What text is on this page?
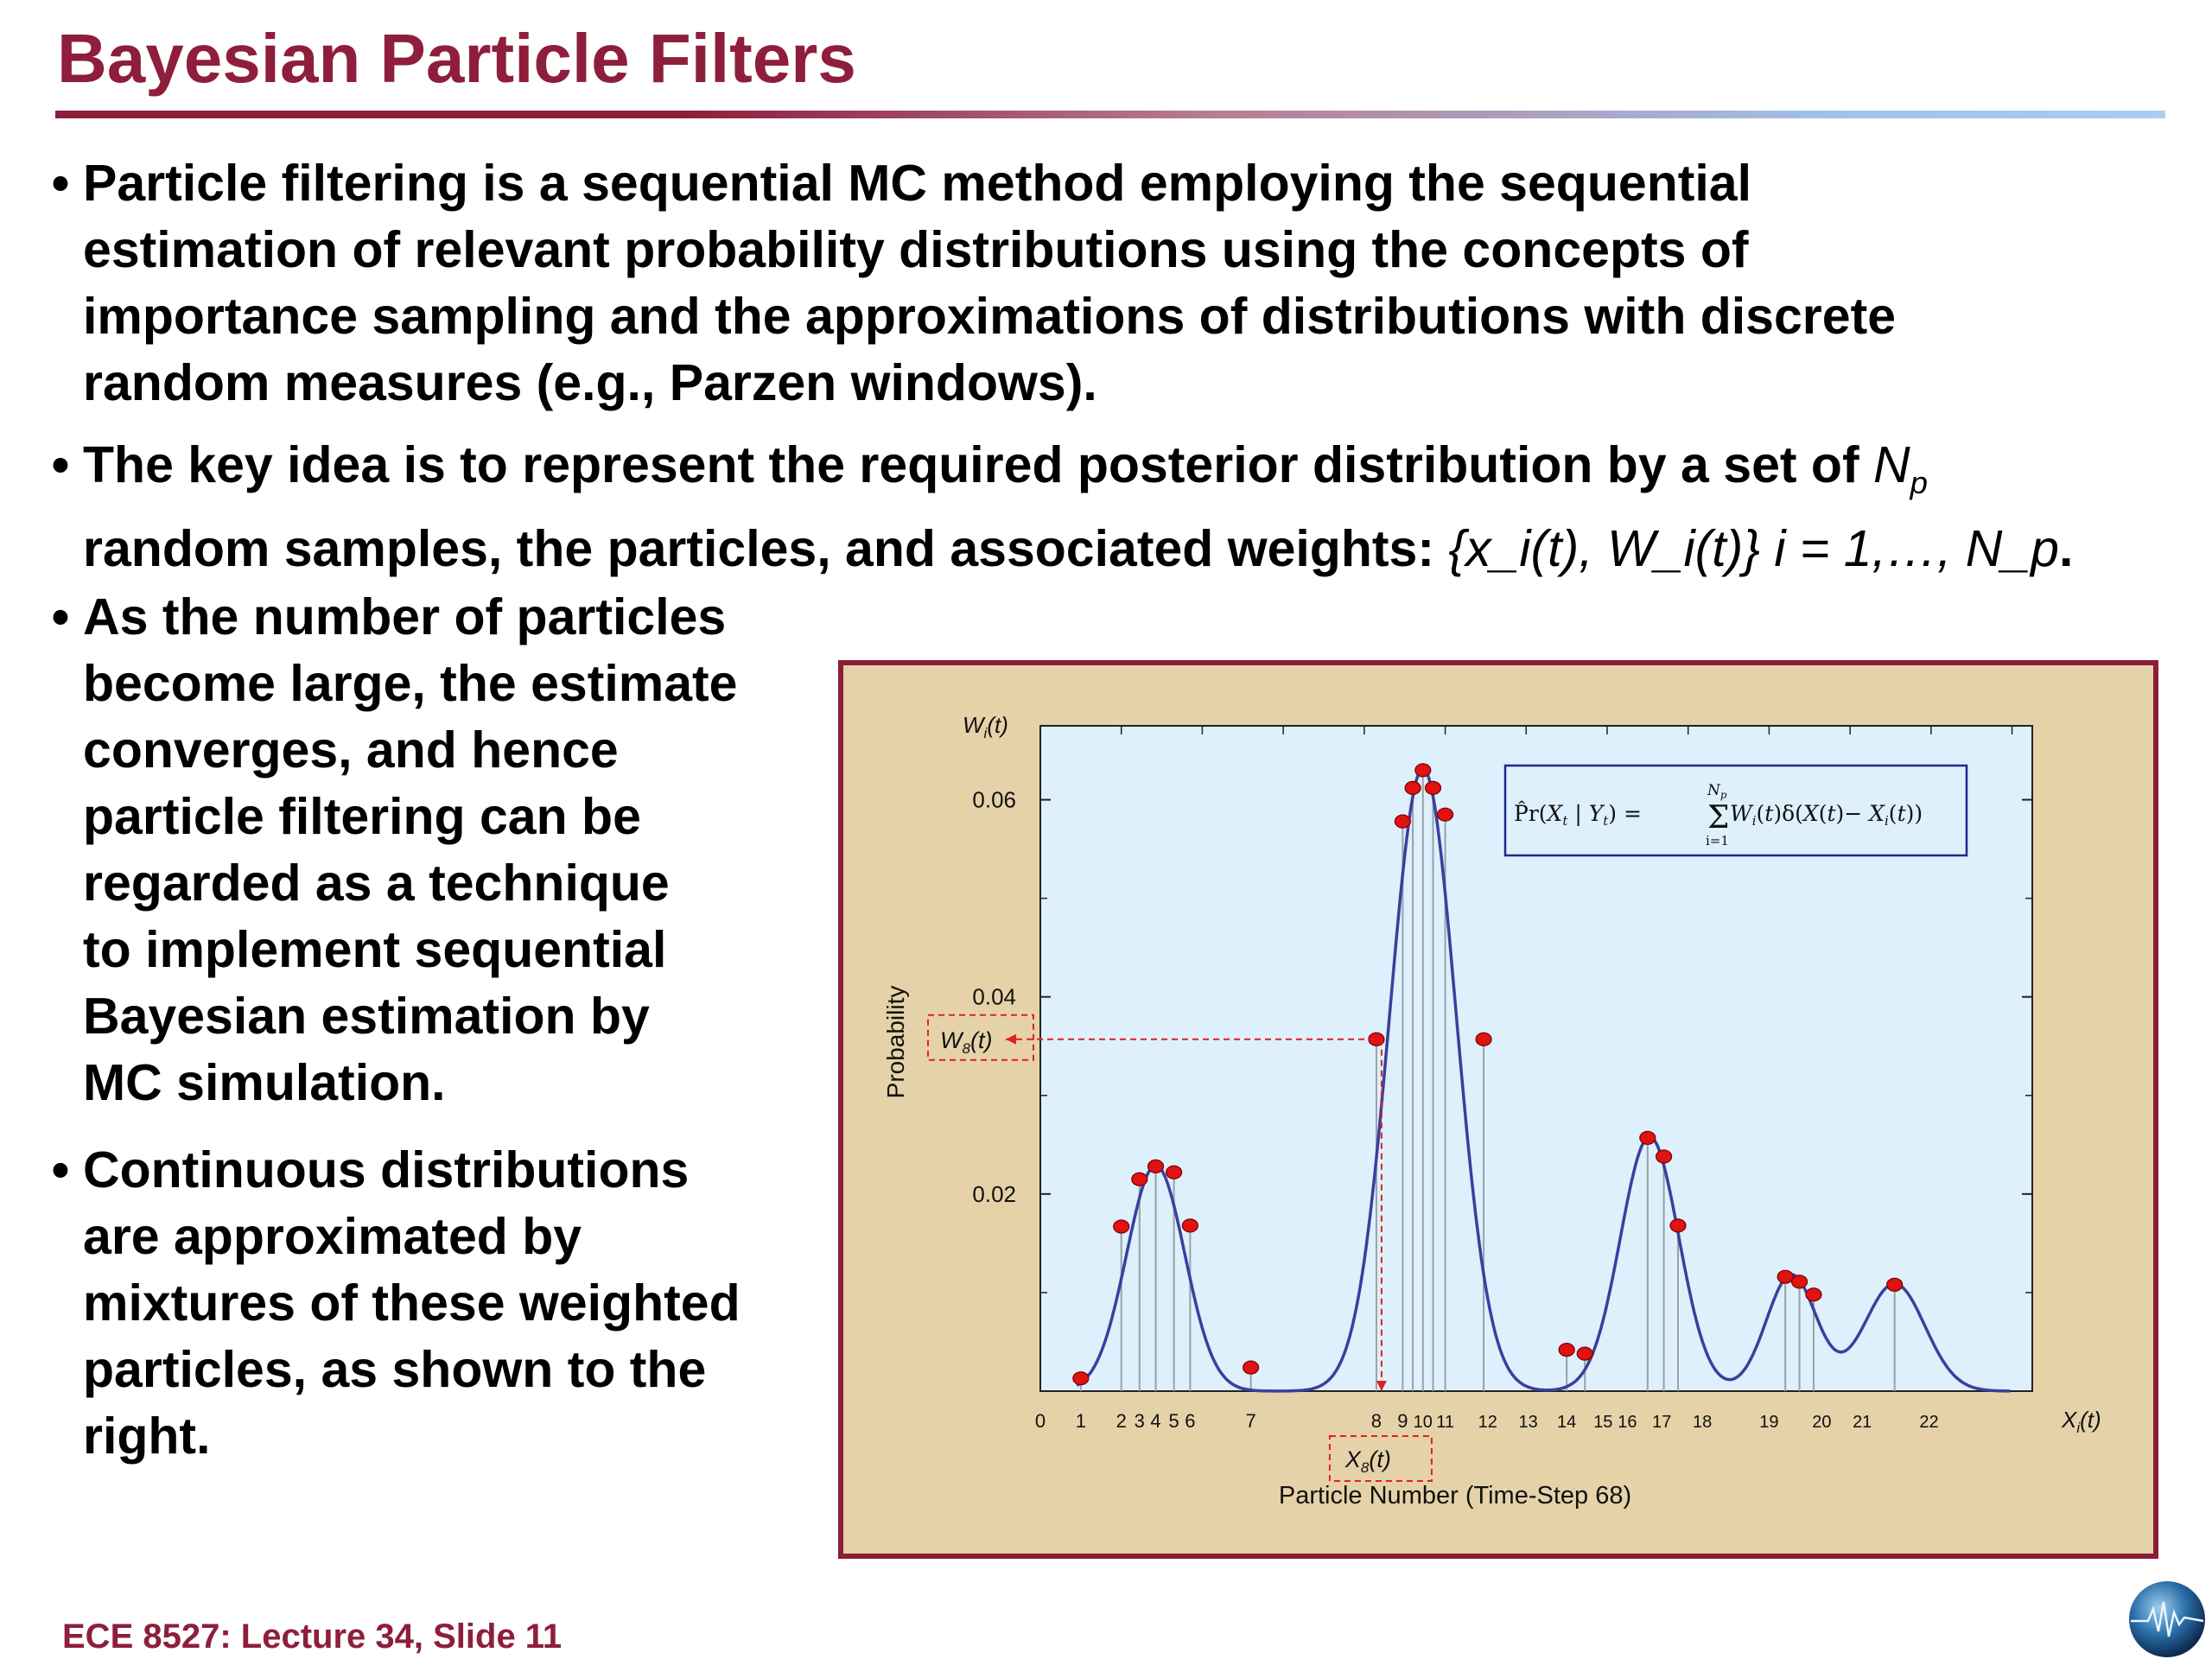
Bayesian Particle Filters
• Particle filtering is a sequential MC method employing the sequential
estimation of relevant probability distributions using the concepts of
importance sampling and the approximations of distributions with discrete
random measures (e.g., Parzen windows).
• The key idea is to represent the required posterior distribution by a set of $N_p$
random samples, the particles, and associated weights: {x_i(t), W_i(t)} i = 1,…, N_p.
• As the number of particles
become large, the estimate
converges, and hence
particle filtering can be
regarded as a technique
to implement sequential
Bayesian estimation by
MC simulation.
• Continuous distributions
are approximated by
mixtures of these weighted
particles, as shown to the
right.
0.02
0.04
0.06
0 1 2 3 4 5 6	7	8 9 10 11 12 13 14 15 16 17 18	19 20 21	22
$W_8(t)$
$X_8(t)$
$W_i(t)$
Probability
$X_i(t)$
Particle Number (Time-Step 68)
$P̂r(X_t$ | $Y_t) = \Sigma$
$N_p$
i=1
$W_i(t)\delta(X(t)- X_i(t))$
ECE 8527: Lecture 34, Slide 11
